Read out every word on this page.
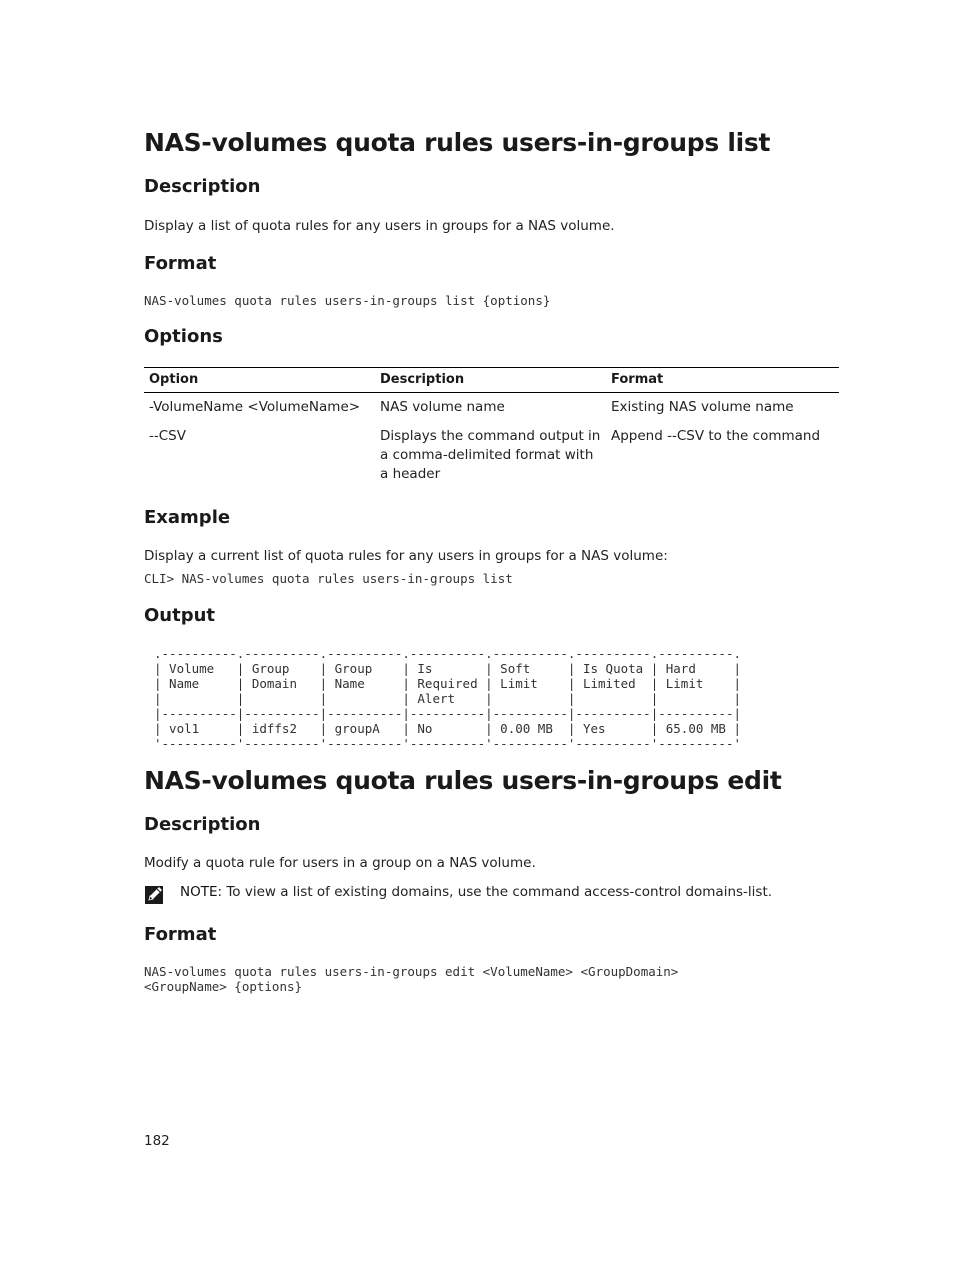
NAS-volumes quota rules users-in-groups list
Description

Display a list of quota rules for any users in groups for a NAS volume.

Format
NAS-volumes quota rules users-in-groups list {options}
Options
Option	Description	Format
-VolumeName <VolumeName>	NAS volume name	Existing NAS volume name
--CSV	Displays the command output in a comma-delimited format with a header	Append --CSV to the command
Example

Display a current list of quota rules for any users in groups for a NAS volume:

CLI> NAS-volumes quota rules users-in-groups list
Output
.----------.----------.----------.----------.----------.----------.----------.
| Volume   | Group    | Group    | Is       | Soft     | Is Quota | Hard     |
| Name     | Domain   | Name     | Required | Limit    | Limited  | Limit    |
|          |          |          | Alert    |          |          |          |
|----------|----------|----------|----------|----------|----------|----------|
| vol1     | idffs2   | groupA   | No       | 0.00 MB  | Yes      | 65.00 MB |
'----------'----------'----------'----------'----------'----------'----------'
NAS-volumes quota rules users-in-groups edit
Description

Modify a quota rule for users in a group on a NAS volume.

NOTE: To view a list of existing domains, use the command access-control domains-list.
Format
NAS-volumes quota rules users-in-groups edit <VolumeName> <GroupDomain>
<GroupName> {options}

182
